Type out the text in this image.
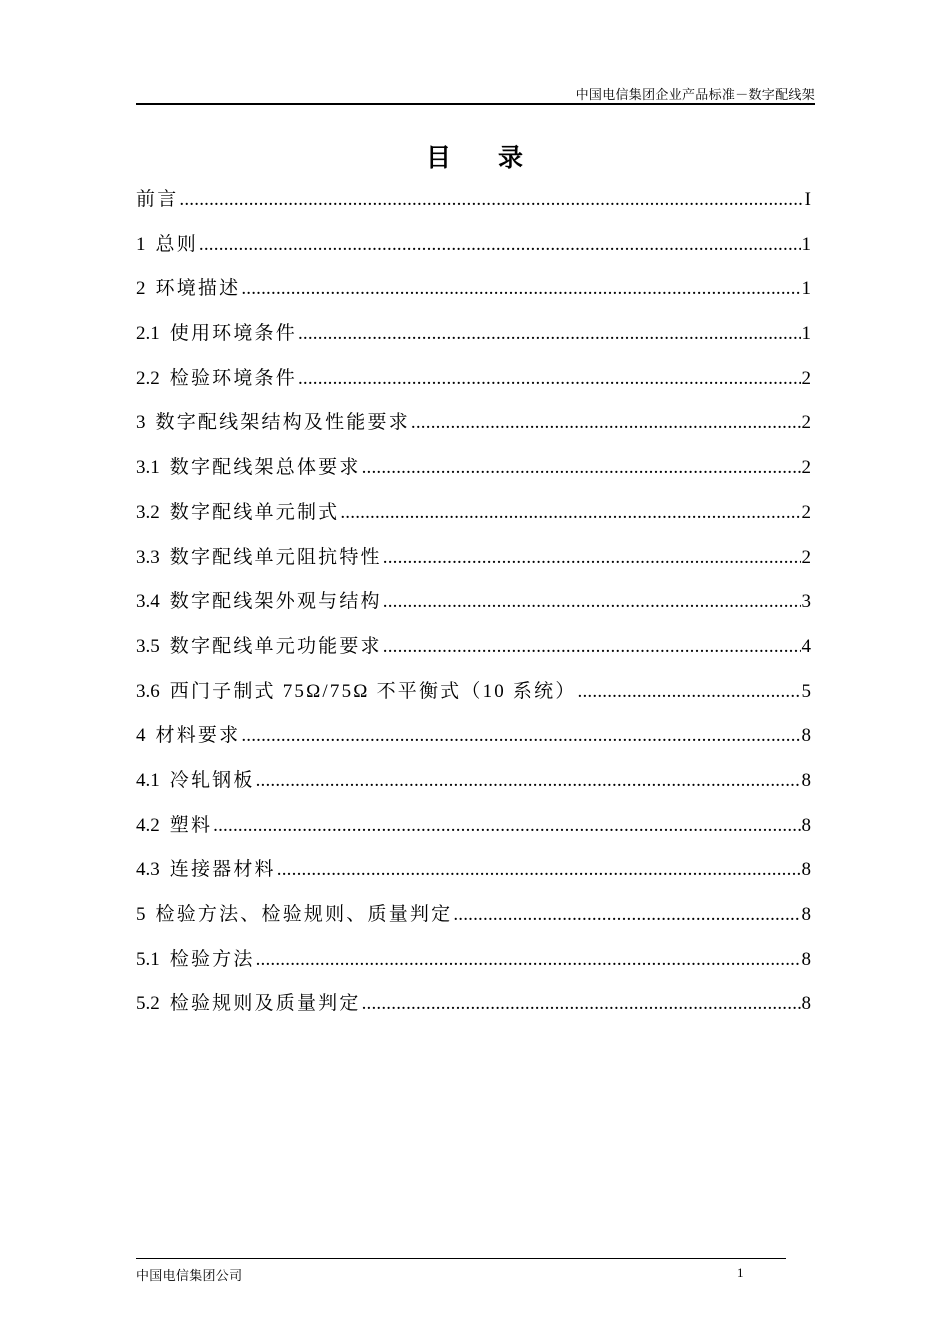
中国电信集团企业产品标准－数字配线架
目 录
前言 .....	I
1 总则 .....	1
2 环境描述 .....	1
2.1 使用环境条件 .....	1
2.2 检验环境条件 .....	2
3 数字配线架结构及性能要求 .....	2
3.1 数字配线架总体要求 .....	2
3.2 数字配线单元制式 .....	2
3.3 数字配线单元阻抗特性 .....	2
3.4 数字配线架外观与结构 .....	3
3.5 数字配线单元功能要求 .....	4
3.6 西门子制式 75Ω/75Ω 不平衡式（10 系统） .....	5
4 材料要求 .....	8
4.1 冷轧钢板 .....	8
4.2 塑料 .....	8
4.3 连接器材料 .....	8
5 检验方法、检验规则、质量判定 .....	8
5.1 检验方法 .....	8
5.2 检验规则及质量判定 .....	8
中国电信集团公司	1
